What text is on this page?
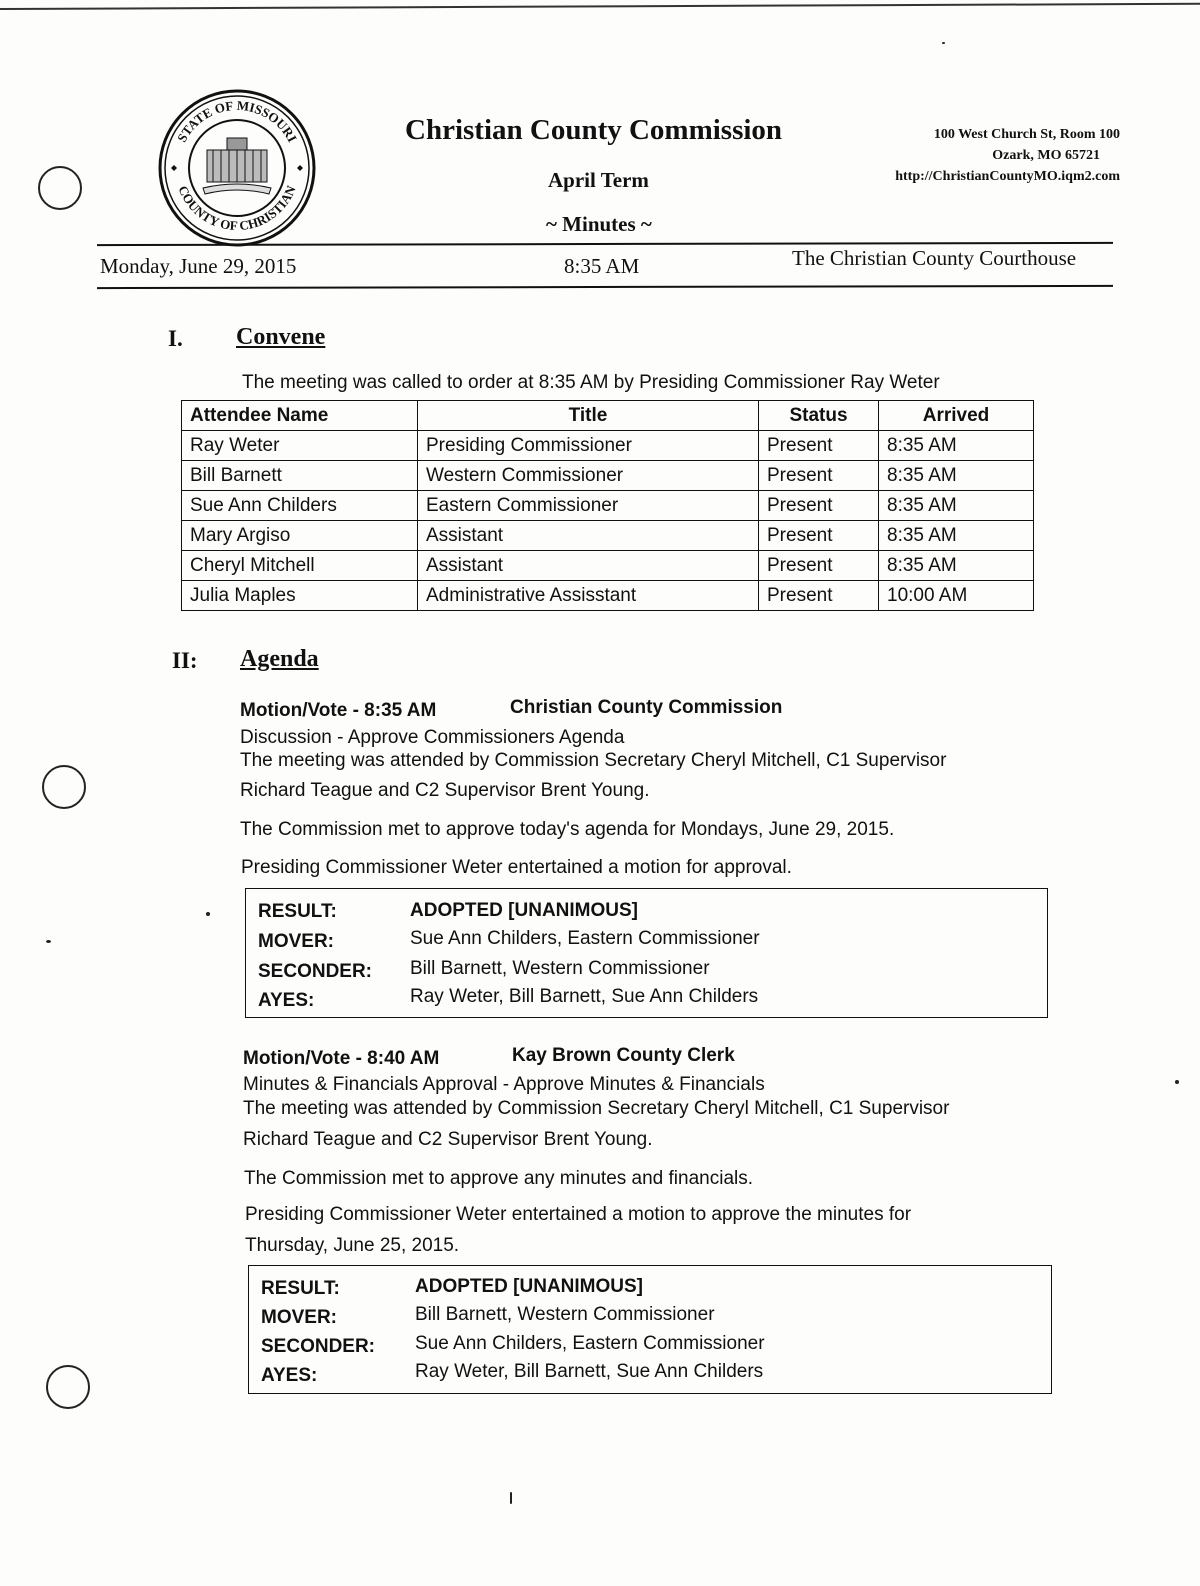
STATE OF MISSOURI
COUNTY OF CHRISTIAN
Christian County Commission
April Term
~ Minutes ~
100 West Church St, Room 100
Ozark, MO 65721
http://ChristianCountyMO.iqm2.com
Monday, June 29, 2015	8:35 AM	The Christian County Courthouse
I. Convene
The meeting was called to order at 8:35 AM by Presiding Commissioner Ray Weter
Attendee Name	Title	Status	Arrived
Ray Weter	Presiding Commissioner	Present	8:35 AM
Bill Barnett	Western Commissioner	Present	8:35 AM
Sue Ann Childers	Eastern Commissioner	Present	8:35 AM
Mary Argiso	Assistant	Present	8:35 AM
Cheryl Mitchell	Assistant	Present	8:35 AM
Julia Maples	Administrative Assisstant	Present	10:00 AM
II: Agenda
Motion/Vote - 8:35 AM	Christian County Commission
Discussion - Approve Commissioners Agenda
The meeting was attended by Commission Secretary Cheryl Mitchell, C1 Supervisor
Richard Teague and C2 Supervisor Brent Young.
The Commission met to approve today's agenda for Mondays, June 29, 2015.
Presiding Commissioner Weter entertained a motion for approval.
RESULT:	ADOPTED [UNANIMOUS]
MOVER:	Sue Ann Childers, Eastern Commissioner
SECONDER: Bill Barnett, Western Commissioner
AYES:	Ray Weter, Bill Barnett, Sue Ann Childers
Motion/Vote - 8:40 AM	Kay Brown County Clerk
Minutes & Financials Approval - Approve Minutes & Financials
The meeting was attended by Commission Secretary Cheryl Mitchell, C1 Supervisor
Richard Teague and C2 Supervisor Brent Young.
The Commission met to approve any minutes and financials.
Presiding Commissioner Weter entertained a motion to approve the minutes for
Thursday, June 25, 2015.
RESULT:	ADOPTED [UNANIMOUS]
MOVER:	Bill Barnett, Western Commissioner
SECONDER: Sue Ann Childers, Eastern Commissioner
AYES:	Ray Weter, Bill Barnett, Sue Ann Childers
